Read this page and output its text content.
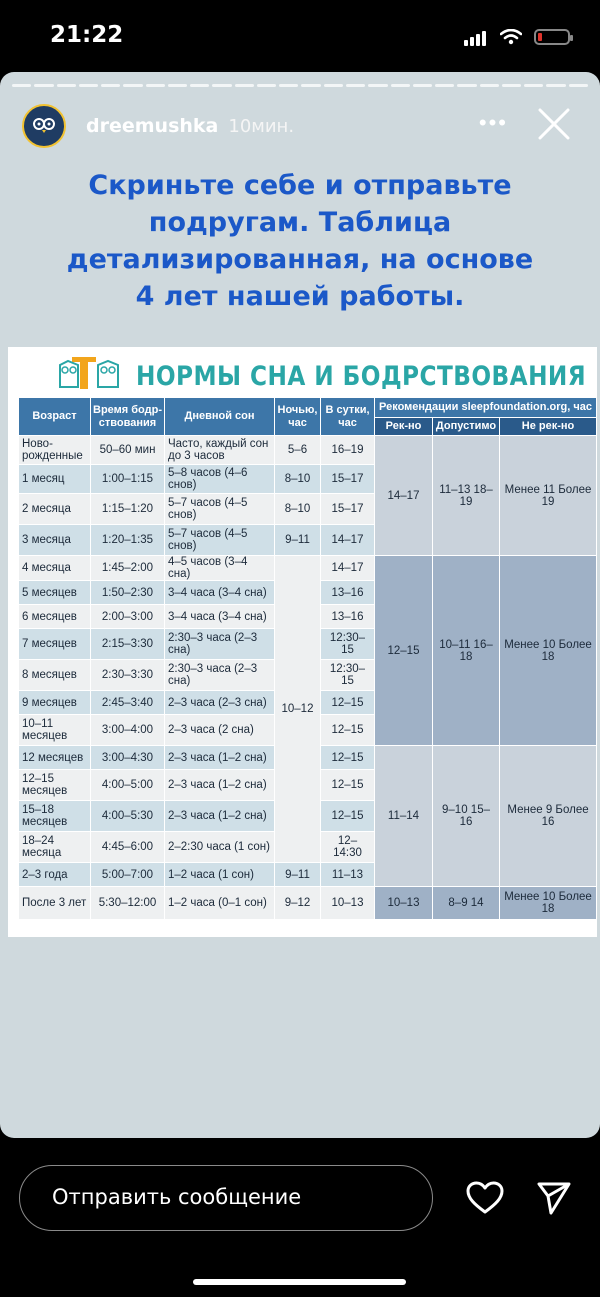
21:22
dreemushka 10мин.	•••
Скриньте себе и отправьте
подругам. Таблица
детализированная, на основе
4 лет нашей работы.
НОРМЫ СНА И БОДРСТВОВАНИЯ
Возраст	Время бодр-ствования	Дневной сон	Ночью, час	В сутки, час	Рекомендации sleepfoundation.org, час		
					Рек-но	Допустимо	Не рек-но
Ново-рожденные	50–60 мин	Часто, каждый сон до 3 часов	5–6	16–19	14–17	11–13 18–19	Менее 11 Более 19
1 месяц	1:00–1:15	5–8 часов (4–6 снов)	8–10	15–17			
2 месяца	1:15–1:20	5–7 часов (4–5 снов)	8–10	15–17			
3 месяца	1:20–1:35	5–7 часов (4–5 снов)	9–11	14–17			
4 месяца	1:45–2:00	4–5 часов (3–4 сна)	10–12	14–17	12–15	10–11 16–18	Менее 10 Более 18
5 месяцев	1:50–2:30	3–4 часа (3–4 сна)		13–16			
6 месяцев	2:00–3:00	3–4 часа (3–4 сна)		13–16			
7 месяцев	2:15–3:30	2:30–3 часа (2–3 сна)		12:30–15			
8 месяцев	2:30–3:30	2:30–3 часа (2–3 сна)		12:30–15			
9 месяцев	2:45–3:40	2–3 часа (2–3 сна)		12–15			
10–11 месяцев	3:00–4:00	2–3 часа (2 сна)		12–15			
12 месяцев	3:00–4:30	2–3 часа (1–2 сна)		12–15	11–14	9–10 15–16	Менее 9 Более 16
12–15 месяцев	4:00–5:00	2–3 часа (1–2 сна)		12–15			
15–18 месяцев	4:00–5:30	2–3 часа (1–2 сна)		12–15			
18–24 месяца	4:45–6:00	2–2:30 часа (1 сон)		12–14:30			
2–3 года	5:00–7:00	1–2 часа (1 сон)	9–11	11–13			
После 3 лет	5:30–12:00	1–2 часа (0–1 сон)	9–12	10–13	10–13	8–9 14	Менее 10 Более 18
Отправить сообщение
